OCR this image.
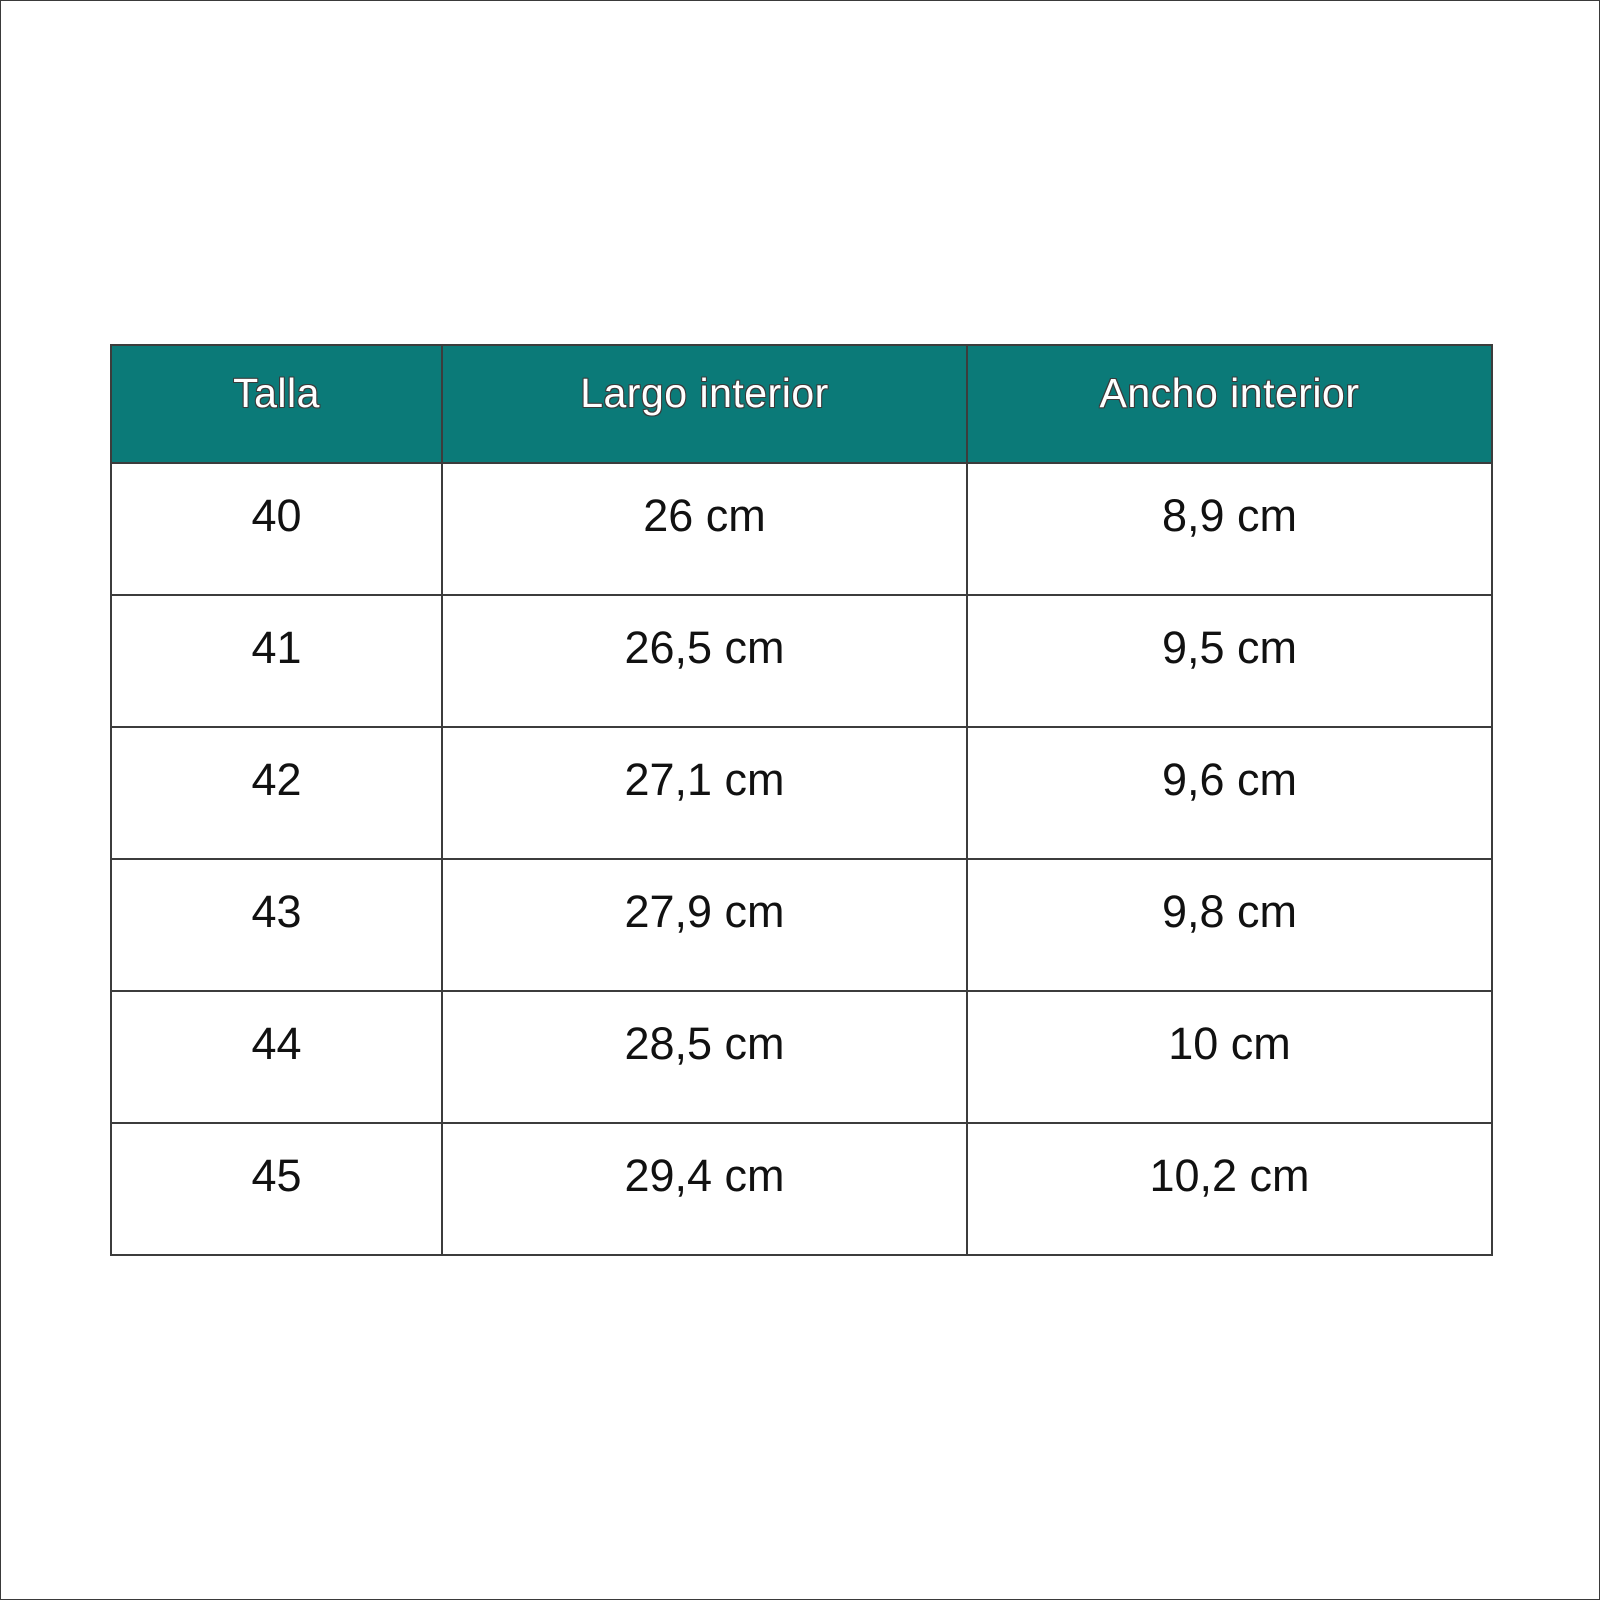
Talla	Largo interior	Ancho interior
40	26 cm	8,9 cm
41	26,5 cm	9,5 cm
42	27,1 cm	9,6 cm
43	27,9 cm	9,8 cm
44	28,5 cm	10 cm
45	29,4 cm	10,2 cm
